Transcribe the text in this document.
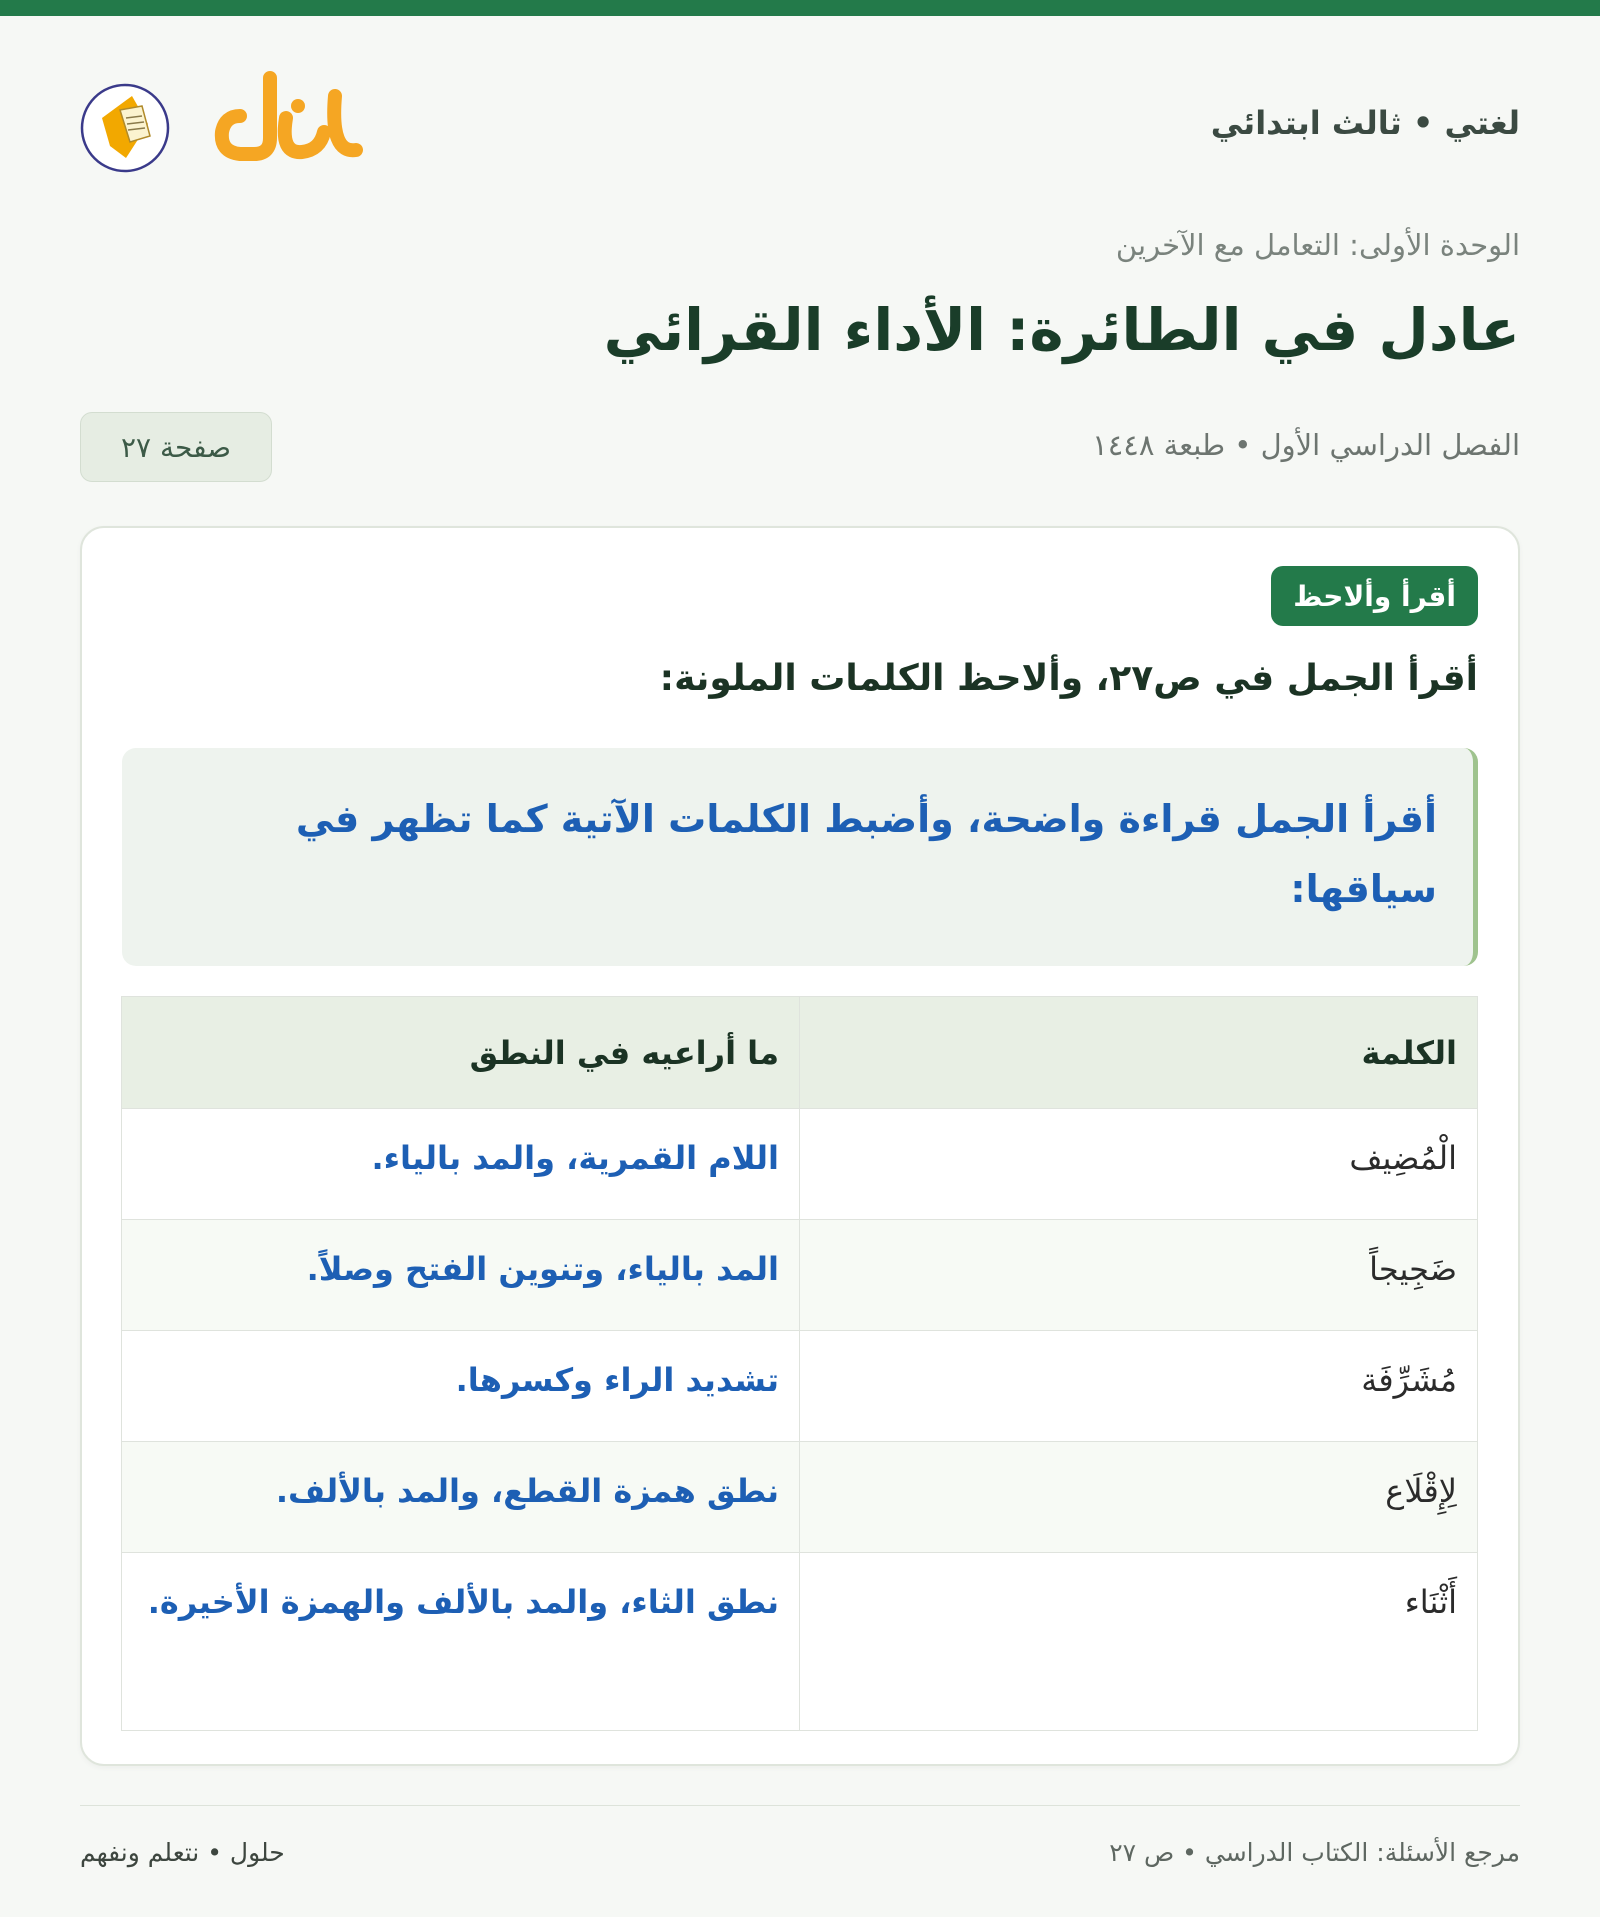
لغتي • ثالث ابتدائي
الوحدة الأولى: التعامل مع الآخرين
عادل في الطائرة: الأداء القرائي
الفصل الدراسي الأول • طبعة ١٤٤٨
صفحة ٢٧
أقرأ وألاحظ
أقرأ الجمل في ص٢٧، وألاحظ الكلمات الملونة:
أقرأ الجمل قراءة واضحة، وأضبط الكلمات الآتية كما تظهر في سياقها:
الكلمة	ما أراعيه في النطق
الْمُضِيف	اللام القمرية، والمد بالياء.
ضَجِيجاً	المد بالياء، وتنوين الفتح وصلاً.
مُشَرِّفَة	تشديد الراء وكسرها.
لِإِقْلَاع	نطق همزة القطع، والمد بالألف.
أَثْنَاء	نطق الثاء، والمد بالألف والهمزة الأخيرة.
حلول • نتعلم ونفهم	مرجع الأسئلة: الكتاب الدراسي • ص ٢٧
